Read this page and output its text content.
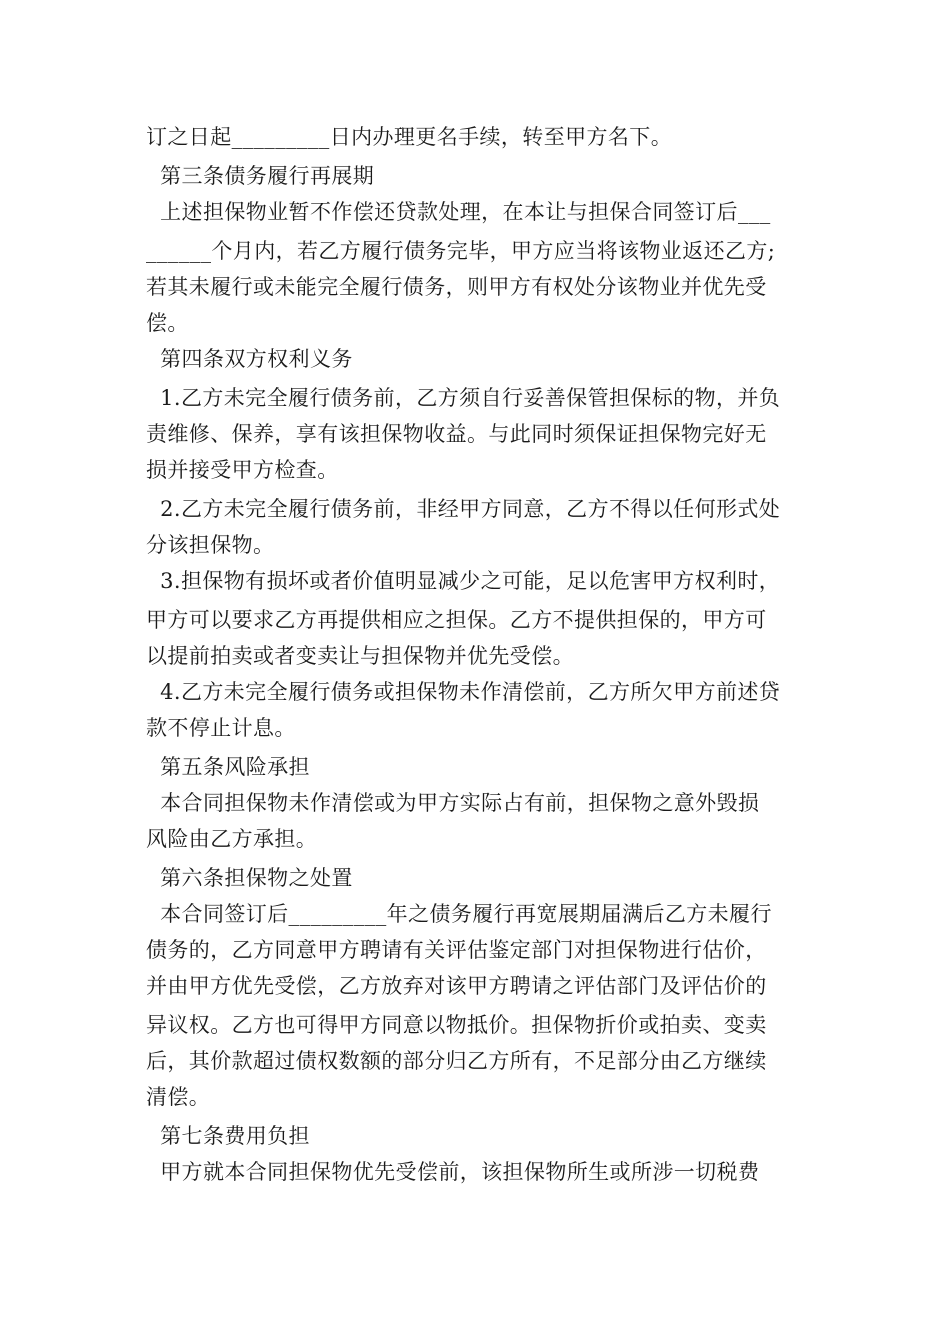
订之日起_________日内办理更名手续，转至甲方名下。
第三条债务履行再展期
上述担保物业暂不作偿还贷款处理，在本让与担保合同签订后___
______个月内，若乙方履行债务完毕，甲方应当将该物业返还乙方;
若其未履行或未能完全履行债务，则甲方有权处分该物业并优先受
偿。
第四条双方权利义务
1.乙方未完全履行债务前，乙方须自行妥善保管担保标的物，并负
责维修、保养，享有该担保物收益。与此同时须保证担保物完好无
损并接受甲方检查。
2.乙方未完全履行债务前，非经甲方同意，乙方不得以任何形式处
分该担保物。
3.担保物有损坏或者价值明显减少之可能，足以危害甲方权利时，
甲方可以要求乙方再提供相应之担保。乙方不提供担保的，甲方可
以提前拍卖或者变卖让与担保物并优先受偿。
4.乙方未完全履行债务或担保物未作清偿前，乙方所欠甲方前述贷
款不停止计息。
第五条风险承担
本合同担保物未作清偿或为甲方实际占有前，担保物之意外毁损
风险由乙方承担。
第六条担保物之处置
本合同签订后_________年之债务履行再宽展期届满后乙方未履行
债务的，乙方同意甲方聘请有关评估鉴定部门对担保物进行估价，
并由甲方优先受偿，乙方放弃对该甲方聘请之评估部门及评估价的
异议权。乙方也可得甲方同意以物抵价。担保物折价或拍卖、变卖
后，其价款超过债权数额的部分归乙方所有，不足部分由乙方继续
清偿。
第七条费用负担
甲方就本合同担保物优先受偿前，该担保物所生或所涉一切税费
